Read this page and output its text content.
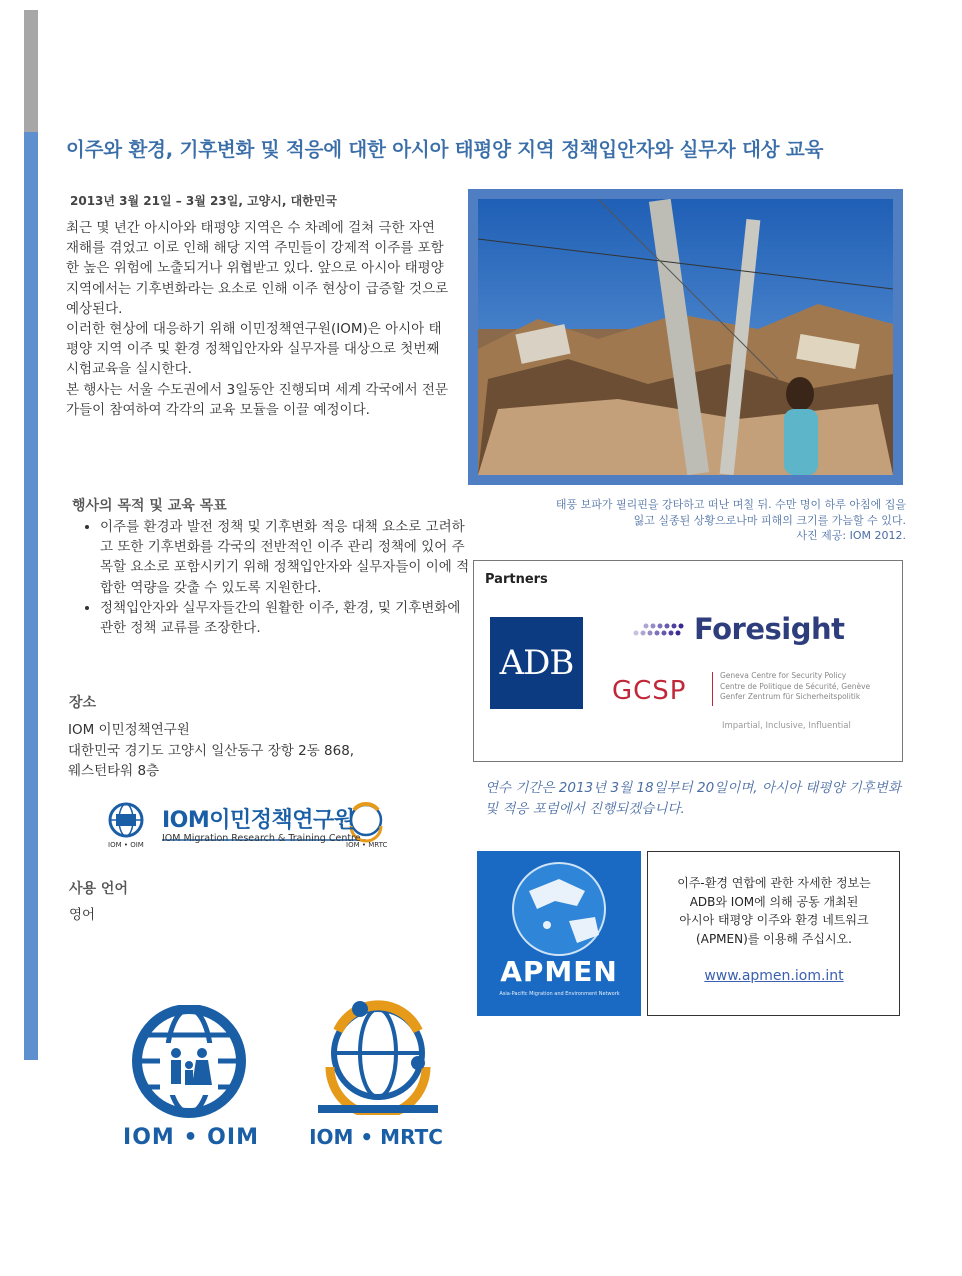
이주와 환경, 기후변화 및 적응에 대한 아시아 태평양 지역 정책입안자와 실무자 대상 교육
2013년 3월 21일 – 3월 23일, 고양시, 대한민국

최근 몇 년간 아시아와 태평양 지역은 수 차례에 걸쳐 극한 자연 재해를 겪었고 이로 인해 해당 지역 주민들이 강제적 이주를 포함한 높은 위험에 노출되거나 위협받고 있다. 앞으로 아시아 태평양 지역에서는 기후변화라는 요소로 인해 이주 현상이 급증할 것으로 예상된다.

이러한 현상에 대응하기 위해 이민정책연구원(IOM)은 아시아 태평양 지역 이주 및 환경 정책입안자와 실무자를 대상으로 첫번째 시험교육을 실시한다.

본 행사는 서울 수도권에서 3일동안 진행되며 세계 각국에서 전문가들이 참여하여 각각의 교육 모듈을 이끌 예정이다.

행사의 목적 및 교육 목표
• 이주를 환경과 발전 정책 및 기후변화 적응 대책 요소로 고려하고 또한 기후변화를 각국의 전반적인 이주 관리 정책에 있어 주목할 요소로 포함시키기 위해 정책입안자와 실무자들이 이에 적합한 역량을 갖출 수 있도록 지원한다.
• 정책입안자와 실무자들간의 원활한 이주, 환경, 및 기후변화에 관한 정책 교류를 조장한다.
장소
IOM 이민정책연구원
대한민국 경기도 고양시 일산동구 장항 2동 868,
웨스턴타워 8층
IOM이민정책연구원
IOM Migration Research & Training Centre
IOM • OIM	IOM • MRTC
사용 언어
영어
IOM • OIM	IOM • MRTC
태풍 보파가 필리핀을 강타하고 떠난 며칠 뒤. 수만 명이 하루 아침에 집을
잃고 실종된 상황으로나마 피해의 크기를 가늠할 수 있다.
사진 제공: IOM 2012.
Partners
ADB
Foresight
GCSP
Geneva Centre for Security Policy
Centre de Politique de Sécurité, Genève
Genfer Zentrum für Sicherheitspolitik
Impartial, Inclusive, Influential
연수 기간은 2013년 3월 18일부터 20일이며, 아시아 태평양 기후변화 및 적응 포럼에서 진행되겠습니다.
APMEN
Asia-Pacific Migration and Environment Network
이주-환경 연합에 관한 자세한 정보는
ADB와 IOM에 의해 공동 개최된
아시아 태평양 이주와 환경 네트워크
(APMEN)를 이용해 주십시오.
www.apmen.iom.int
